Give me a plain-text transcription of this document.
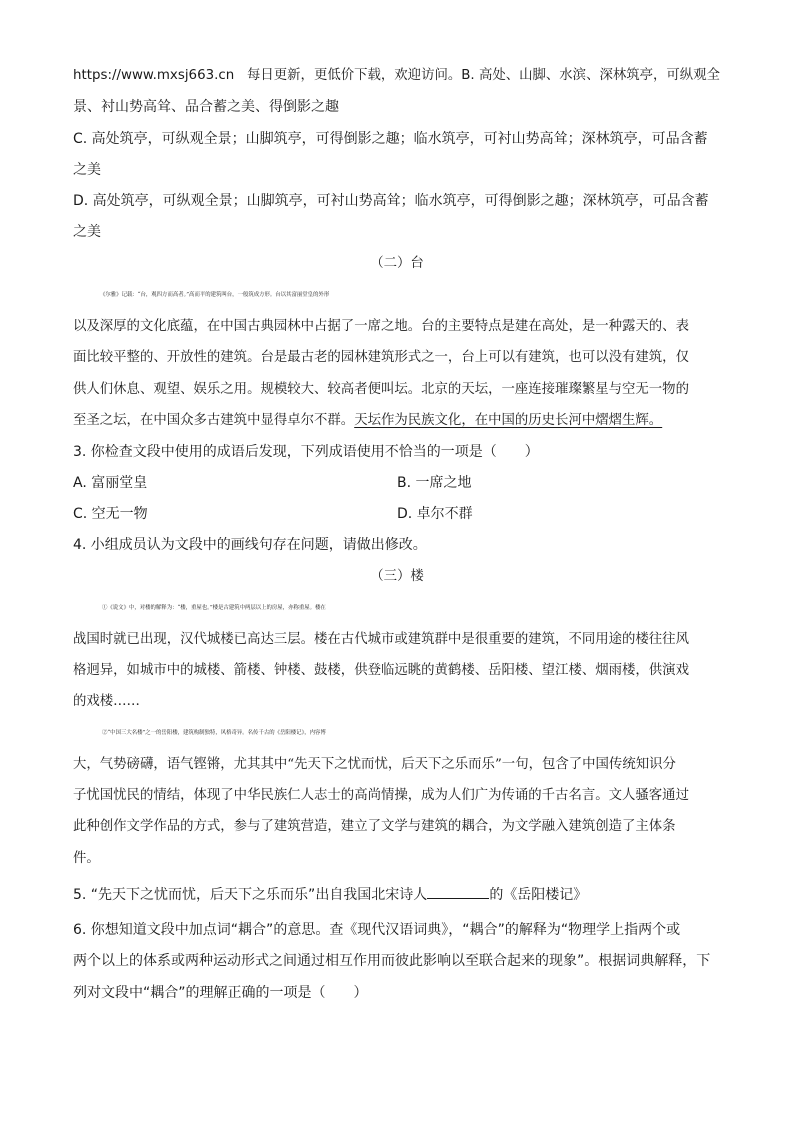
https://www.mxsj663.cn 每日更新，更低价下载，欢迎访问。B. 高处、山脚、水滨、深林筑亭，可纵观全
景、衬山势高耸、品合蓄之美、得倒影之趣
C. 高处筑亭，可纵观全景；山脚筑亭，可得倒影之趣；临水筑亭，可衬山势高耸；深林筑亭，可品含蓄
之美
D. 高处筑亭，可纵观全景；山脚筑亭，可衬山势高耸；临水筑亭，可得倒影之趣；深林筑亭，可品含蓄
之美
（二）台
《尔雅》记载：“台，观四方而高者。”高而平的建筑叫台，一般筑成方形。台以其富丽堂皇的外形
以及深厚的文化底蕴，在中国古典园林中占据了一席之地。台的主要特点是建在高处，是一种露天的、表
面比较平整的、开放性的建筑。台是最古老的园林建筑形式之一，台上可以有建筑，也可以没有建筑，仅
供人们休息、观望、娱乐之用。规模较大、较高者便叫坛。北京的天坛，一座连接璀璨繁星与空无一物的
至圣之坛，在中国众多古建筑中显得卓尔不群。天坛作为民族文化，在中国的历史长河中熠熠生辉。
3. 你检查文段中使用的成语后发现，下列成语使用不恰当的一项是（　　）
A. 富丽堂皇	B. 一席之地
C. 空无一物	D. 卓尔不群
4. 小组成员认为文段中的画线句存在问题，请做出修改。
（三）楼
①《说文》中，对楼的解释为：“楼，重屋也。”楼是古建筑中两层以上的房屋，亦称重屋。楼在
战国时就已出现，汉代城楼已高达三层。楼在古代城市或建筑群中是很重要的建筑，不同用途的楼往往风
格迥异，如城市中的城楼、箭楼、钟楼、鼓楼，供登临远眺的黄鹤楼、岳阳楼、望江楼、烟雨楼，供演戏
的戏楼……
②“中国三大名楼”之一的岳阳楼，建筑构制独特，风格奇异。名传千古的《岳阳楼记》，内容博
大，气势磅礴，语气铿锵，尤其其中“先天下之忧而忧，后天下之乐而乐”一句，包含了中国传统知识分
子忧国忧民的情结，体现了中华民族仁人志士的高尚情操，成为人们广为传诵的千古名言。文人骚客通过
此种创作文学作品的方式，参与了建筑营造，建立了文学与建筑的耦合，为文学融入建筑创造了主体条
件。
5. “先天下之忧而忧，后天下之乐而乐”出自我国北宋诗人	的《岳阳楼记》
6. 你想知道文段中加点词“耦合”的意思。查《现代汉语词典》，“耦合”的解释为“物理学上指两个或
两个以上的体系或两种运动形式之间通过相互作用而彼此影响以至联合起来的现象”。根据词典解释，下
列对文段中“耦合”的理解正确的一项是（　　）
